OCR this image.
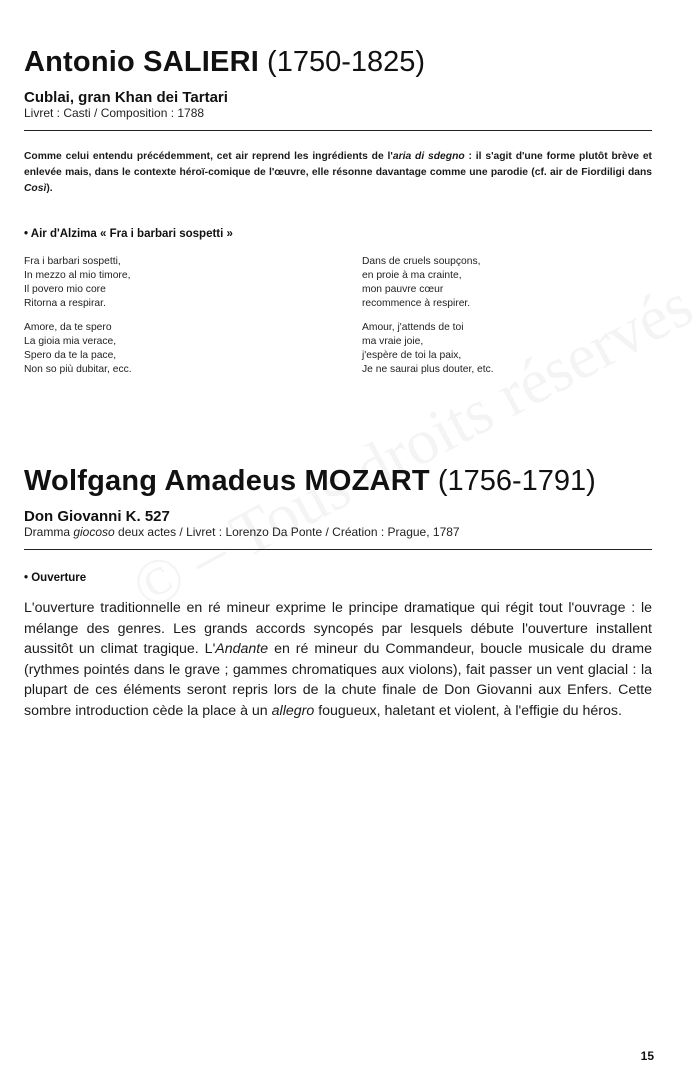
Antonio SALIERI (1750-1825)
Cublai, gran Khan dei Tartari
Livret : Casti / Composition : 1788

Comme celui entendu précédemment, cet air reprend les ingrédients de l'aria di sdegno : il s'agit d'une forme plutôt brève et enlevée mais, dans le contexte héroï-comique de l'œuvre, elle résonne davantage comme une parodie (cf. air de Fiordiligi dans Così).

• Air d'Alzima « Fra i barbari sospetti »

Fra i barbari sospetti,
In mezzo al mio timore,
Il povero mio core
Ritorna a respirar.

Amore, da te spero
La gioia mia verace,
Spero da te la pace,
Non so più dubitar, ecc.

Dans de cruels soupçons,
en proie à ma crainte,
mon pauvre cœur
recommence à respirer.

Amour, j'attends de toi
ma vraie joie,
j'espère de toi la paix,
Je ne saurai plus douter, etc.

Wolfgang Amadeus MOZART (1756-1791)
Don Giovanni K. 527
Dramma giocoso deux actes / Livret : Lorenzo Da Ponte / Création : Prague, 1787
• Ouverture

L'ouverture traditionnelle en ré mineur exprime le principe dramatique qui régit tout l'ouvrage : le mélange des genres. Les grands accords syncopés par lesquels débute l'ouverture installent aussitôt un climat tragique. L'Andante en ré mineur du Commandeur, boucle musicale du drame (rythmes pointés dans le grave ; gammes chromatiques aux violons), fait passer un vent glacial : la plupart de ces éléments seront repris lors de la chute finale de Don Giovanni aux Enfers. Cette sombre introduction cède la place à un allegro fougueux, haletant et violent, à l'effigie du héros.

15
